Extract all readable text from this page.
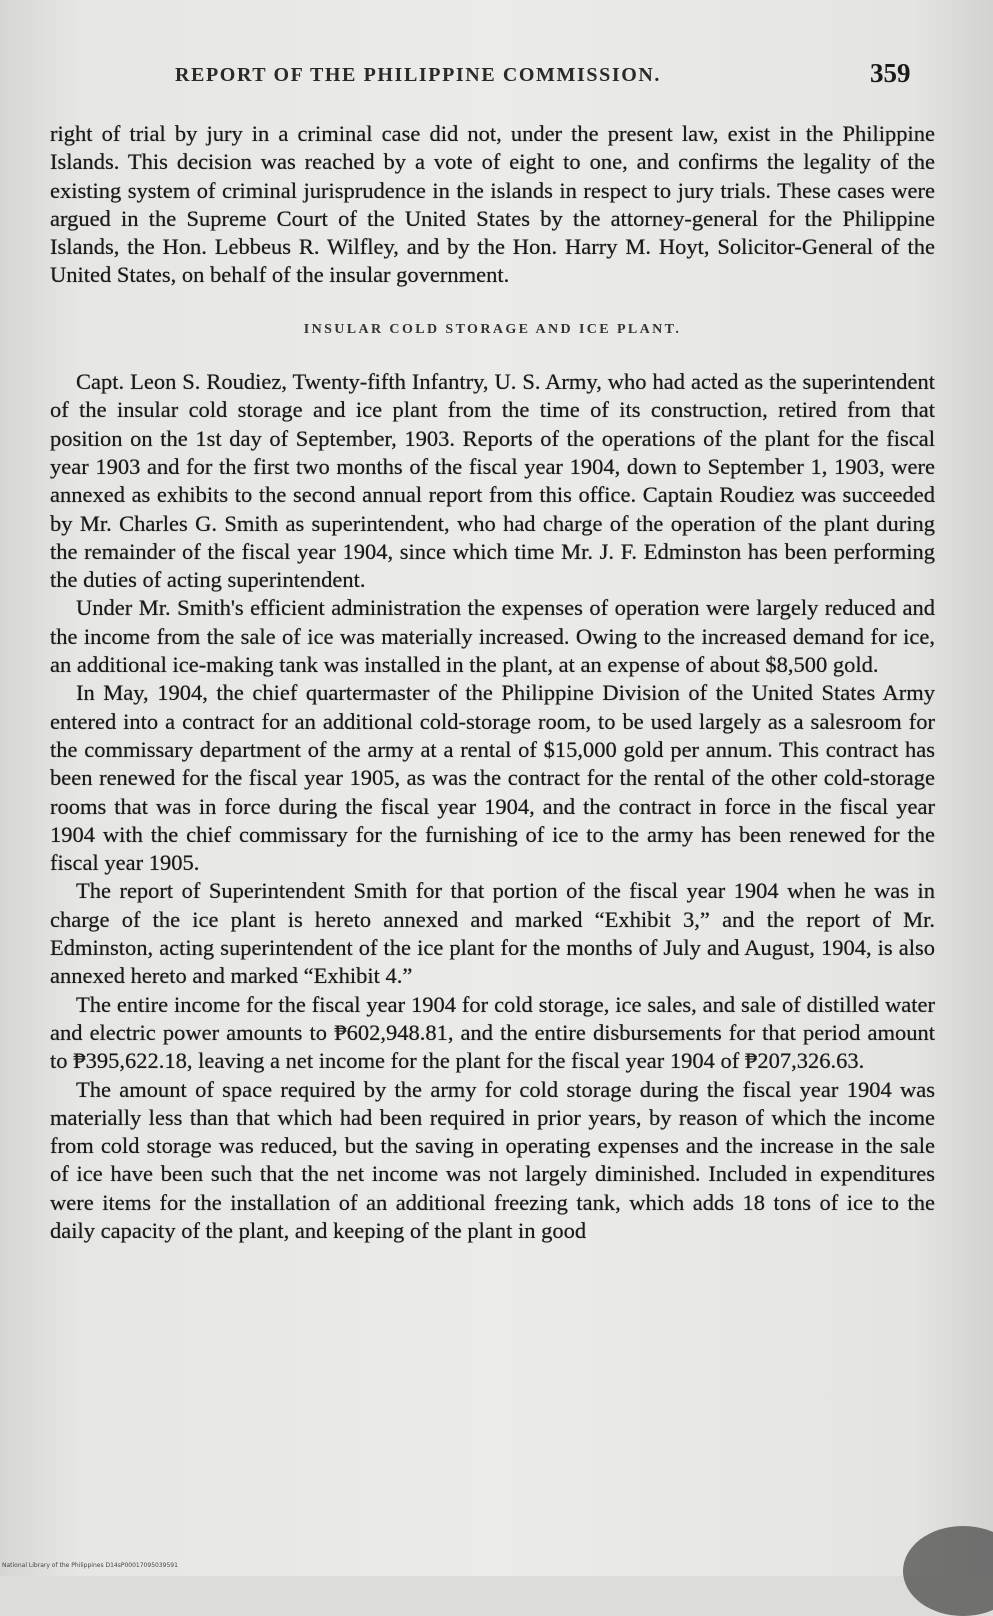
REPORT OF THE PHILIPPINE COMMISSION.	359

right of trial by jury in a criminal case did not, under the present law, exist in the Philippine Islands. This decision was reached by a vote of eight to one, and confirms the legality of the existing system of criminal jurisprudence in the islands in respect to jury trials. These cases were argued in the Supreme Court of the United States by the attorney-general for the Philippine Islands, the Hon. Lebbeus R. Wilfley, and by the Hon. Harry M. Hoyt, Solicitor-General of the United States, on behalf of the insular government.

INSULAR COLD STORAGE AND ICE PLANT.

Capt. Leon S. Roudiez, Twenty-fifth Infantry, U. S. Army, who had acted as the superintendent of the insular cold storage and ice plant from the time of its construction, retired from that position on the 1st day of September, 1903. Reports of the operations of the plant for the fiscal year 1903 and for the first two months of the fiscal year 1904, down to September 1, 1903, were annexed as exhibits to the second annual report from this office. Captain Roudiez was succeeded by Mr. Charles G. Smith as superintendent, who had charge of the operation of the plant during the remainder of the fiscal year 1904, since which time Mr. J. F. Edminston has been performing the duties of acting superintendent.

Under Mr. Smith's efficient administration the expenses of operation were largely reduced and the income from the sale of ice was materially increased. Owing to the increased demand for ice, an additional ice-making tank was installed in the plant, at an expense of about $8,500 gold.

In May, 1904, the chief quartermaster of the Philippine Division of the United States Army entered into a contract for an additional cold-storage room, to be used largely as a salesroom for the commissary department of the army at a rental of $15,000 gold per annum. This contract has been renewed for the fiscal year 1905, as was the contract for the rental of the other cold-storage rooms that was in force during the fiscal year 1904, and the contract in force in the fiscal year 1904 with the chief commissary for the furnishing of ice to the army has been renewed for the fiscal year 1905.

The report of Superintendent Smith for that portion of the fiscal year 1904 when he was in charge of the ice plant is hereto annexed and marked “Exhibit 3,” and the report of Mr. Edminston, acting superintendent of the ice plant for the months of July and August, 1904, is also annexed hereto and marked “Exhibit 4.”

The entire income for the fiscal year 1904 for cold storage, ice sales, and sale of distilled water and electric power amounts to ₱602,948.81, and the entire disbursements for that period amount to ₱395,622.18, leaving a net income for the plant for the fiscal year 1904 of ₱207,326.63.

The amount of space required by the army for cold storage during the fiscal year 1904 was materially less than that which had been required in prior years, by reason of which the income from cold storage was reduced, but the saving in operating expenses and the increase in the sale of ice have been such that the net income was not largely diminished. Included in expenditures were items for the installation of an additional freezing tank, which adds 18 tons of ice to the daily capacity of the plant, and keeping of the plant in good

National Library of the Philippines D14sP00017095039591
